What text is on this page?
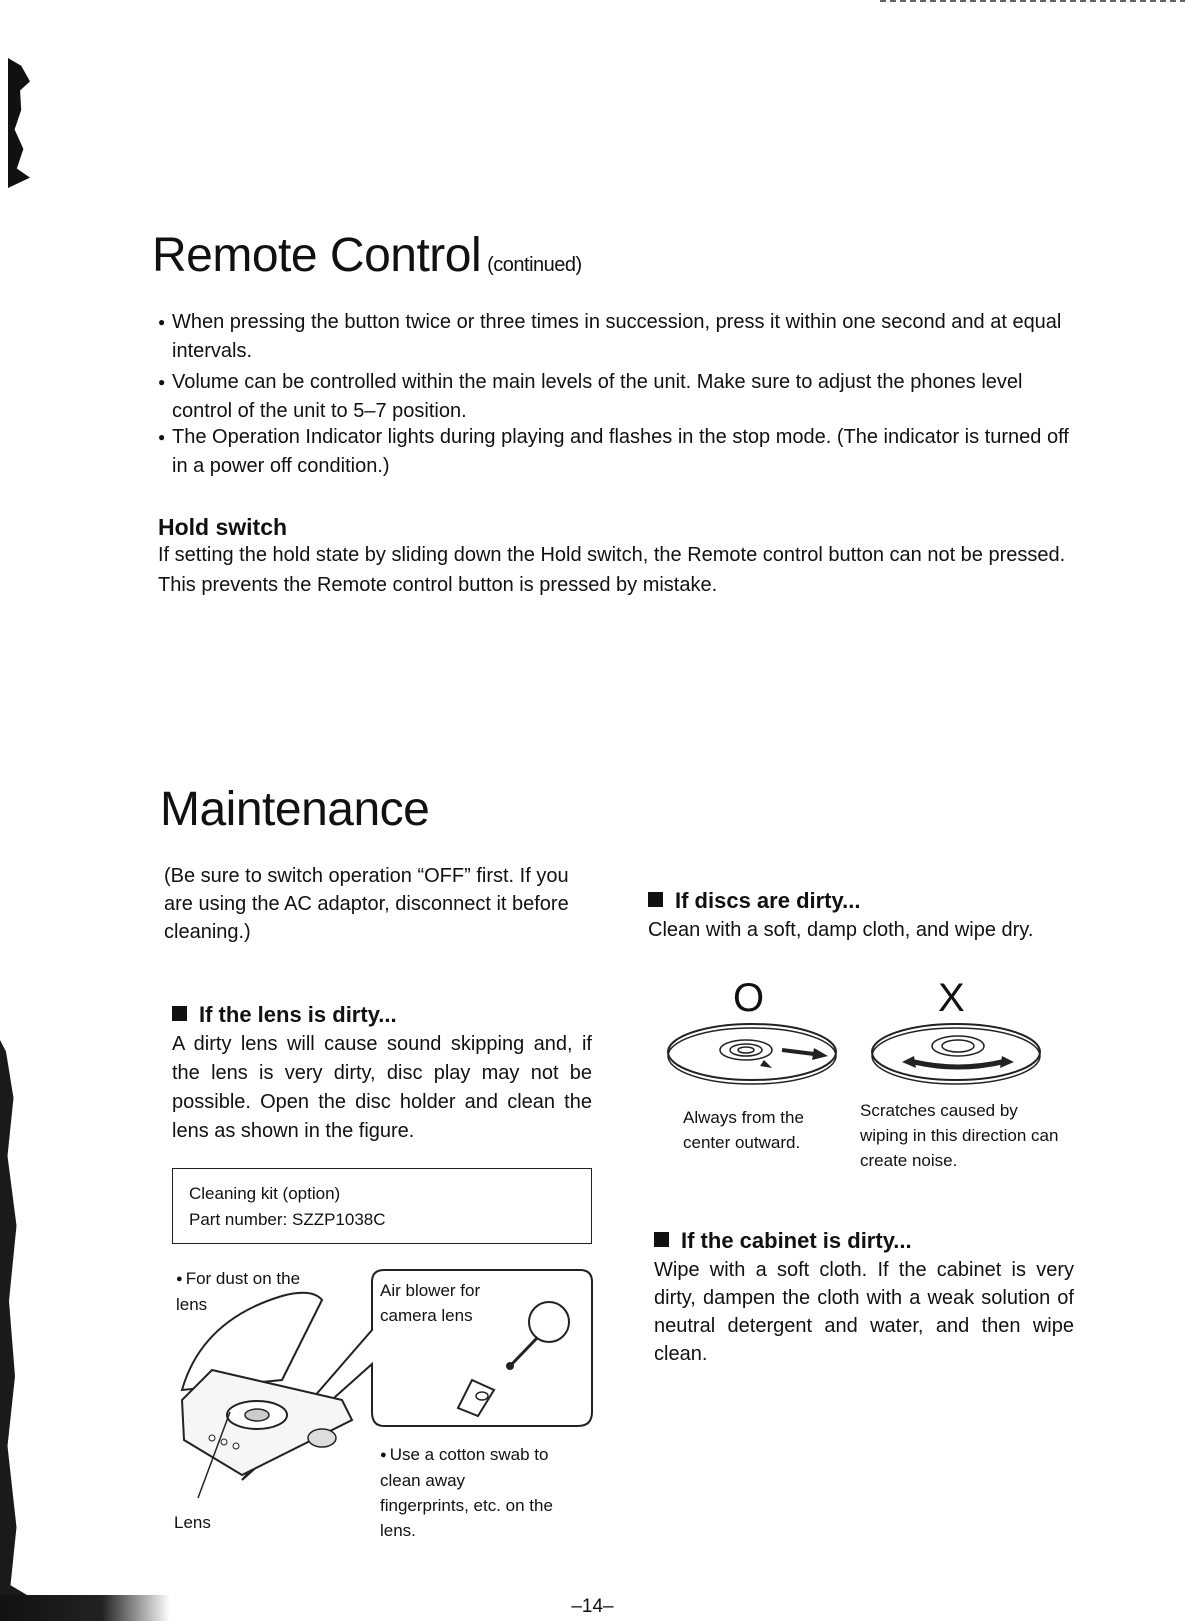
Remote Control (continued)
● When pressing the button twice or three times in succession, press it within one second and at equal intervals.
● Volume can be controlled within the main levels of the unit. Make sure to adjust the phones level control of the unit to 5–7 position.
● The Operation Indicator lights during playing and flashes in the stop mode. (The indicator is turned off in a power off condition.)
Hold switch
If setting the hold state by sliding down the Hold switch, the Remote control button can not be pressed. This prevents the Remote control button is pressed by mistake.
Maintenance
(Be sure to switch operation “OFF” first. If you are using the AC adaptor, disconnect it before cleaning.)
If the lens is dirty...
A dirty lens will cause sound skipping and, if the lens is very dirty, disc play may not be possible. Open the disc holder and clean the lens as shown in the figure.
Cleaning kit (option)
Part number: SZZP1038C
● For dust on the lens
Air blower for camera lens
● Use a cotton swab to clean away fingerprints, etc. on the lens.
Lens
If discs are dirty...
Clean with a soft, damp cloth, and wipe dry.
O	X
Always from the center outward.
Scratches caused by wiping in this direction can create noise.
If the cabinet is dirty...
Wipe with a soft cloth. If the cabinet is very dirty, dampen the cloth with a weak solution of neutral detergent and water, and then wipe clean.
–14–
